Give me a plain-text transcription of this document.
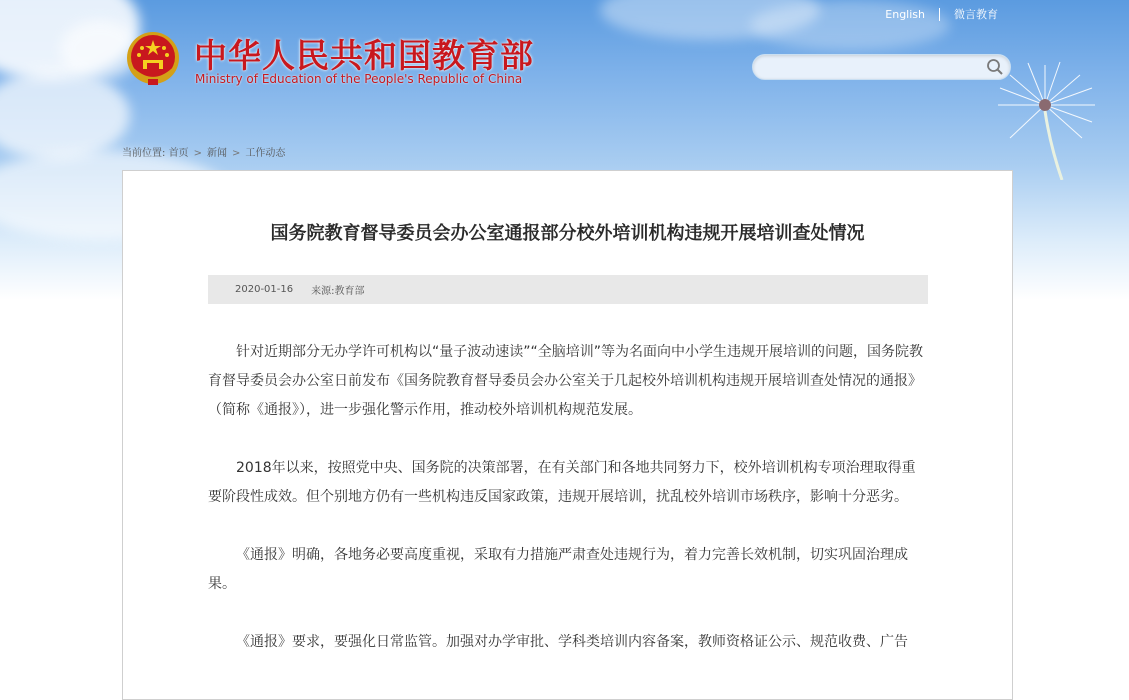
English	微言教育
中华人民共和国教育部
Ministry of Education of the People's Republic of China
当前位置: 首页 > 新闻 > 工作动态
国务院教育督导委员会办公室通报部分校外培训机构违规开展培训查处情况
2020-01-16 来源:教育部

针对近期部分无办学许可机构以“量子波动速读”“全脑培训”等为名面向中小学生违规开展培训的问题，国务院教育督导委员会办公室日前发布《国务院教育督导委员会办公室关于几起校外培训机构违规开展培训查处情况的通报》（简称《通报》），进一步强化警示作用，推动校外培训机构规范发展。

2018年以来，按照党中央、国务院的决策部署，在有关部门和各地共同努力下，校外培训机构专项治理取得重要阶段性成效。但个别地方仍有一些机构违反国家政策，违规开展培训，扰乱校外培训市场秩序，影响十分恶劣。

《通报》明确，各地务必要高度重视，采取有力措施严肃查处违规行为，着力完善长效机制，切实巩固治理成果。

《通报》要求，要强化日常监管。加强对办学审批、学科类培训内容备案，教师资格证公示、规范收费、广告
